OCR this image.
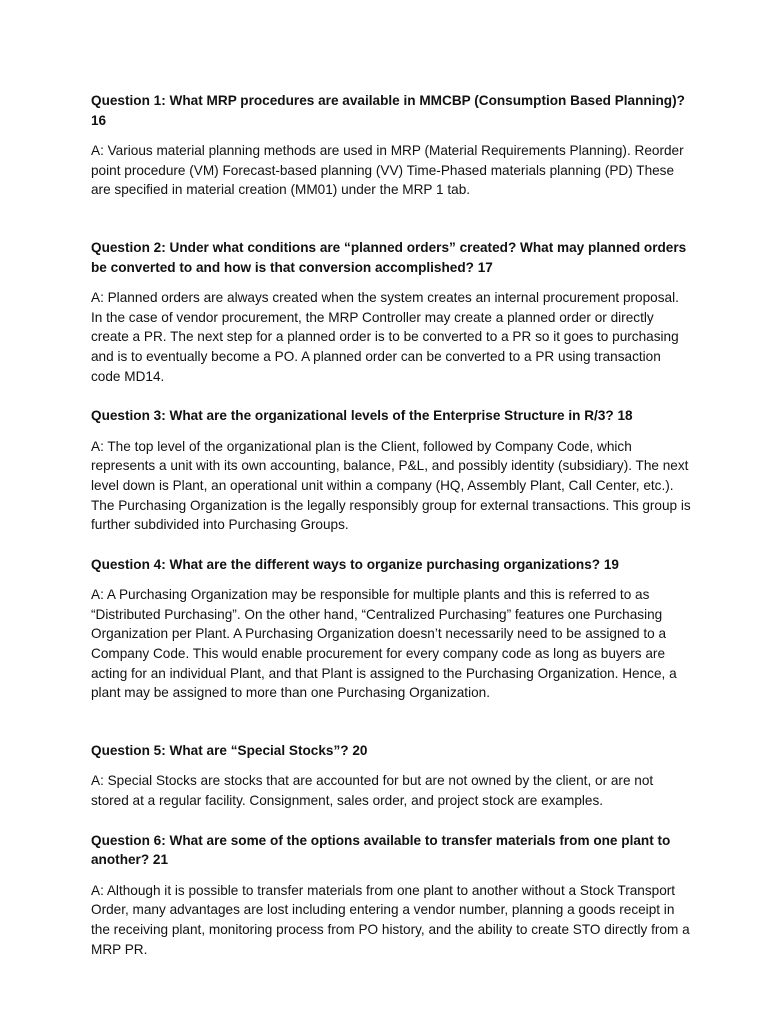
Question 1: What MRP procedures are available in MMCBP (Consumption Based Planning)? 16

A: Various material planning methods are used in MRP (Material Requirements Planning). Reorder point procedure (VM) Forecast-based planning (VV) Time-Phased materials planning (PD) These are specified in material creation (MM01) under the MRP 1 tab.

Question 2: Under what conditions are “planned orders” created? What may planned orders be converted to and how is that conversion accomplished? 17

A: Planned orders are always created when the system creates an internal procurement proposal. In the case of vendor procurement, the MRP Controller may create a planned order or directly create a PR. The next step for a planned order is to be converted to a PR so it goes to purchasing and is to eventually become a PO. A planned order can be converted to a PR using transaction code MD14.

Question 3: What are the organizational levels of the Enterprise Structure in R/3? 18

A: The top level of the organizational plan is the Client, followed by Company Code, which represents a unit with its own accounting, balance, P&L, and possibly identity (subsidiary). The next level down is Plant, an operational unit within a company (HQ, Assembly Plant, Call Center, etc.). The Purchasing Organization is the legally responsibly group for external transactions. This group is further subdivided into Purchasing Groups.

Question 4: What are the different ways to organize purchasing organizations? 19

A: A Purchasing Organization may be responsible for multiple plants and this is referred to as “Distributed Purchasing”. On the other hand, “Centralized Purchasing” features one Purchasing Organization per Plant. A Purchasing Organization doesn’t necessarily need to be assigned to a Company Code. This would enable procurement for every company code as long as buyers are acting for an individual Plant, and that Plant is assigned to the Purchasing Organization. Hence, a plant may be assigned to more than one Purchasing Organization.

Question 5: What are “Special Stocks”? 20

A: Special Stocks are stocks that are accounted for but are not owned by the client, or are not stored at a regular facility. Consignment, sales order, and project stock are examples.

Question 6: What are some of the options available to transfer materials from one plant to another? 21

A: Although it is possible to transfer materials from one plant to another without a Stock Transport Order, many advantages are lost including entering a vendor number, planning a goods receipt in the receiving plant, monitoring process from PO history, and the ability to create STO directly from a MRP PR.
